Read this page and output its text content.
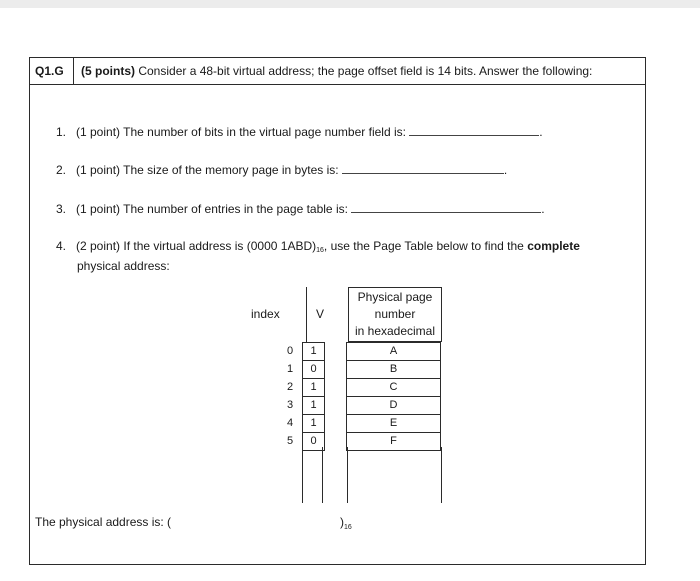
Q1.G	(5 points) Consider a 48-bit virtual address; the page offset field is 14 bits. Answer the following:
1. (1 point) The number of bits in the virtual page number field is:	.
2. (1 point) The size of the memory page in bytes is:	.
3. (1 point) The number of entries in the page table is:	.
4. (2 point) If the virtual address is (0000 $1ABD)_{16}$, use the Page Table below to find the complete
physical address:
index	V
Physical page
number
in hexadecimal
0	1		A
1	0		B
2	1		C
3	1		D
4	1		E
5	0		F
The physical address is: (	)$_{16}$
